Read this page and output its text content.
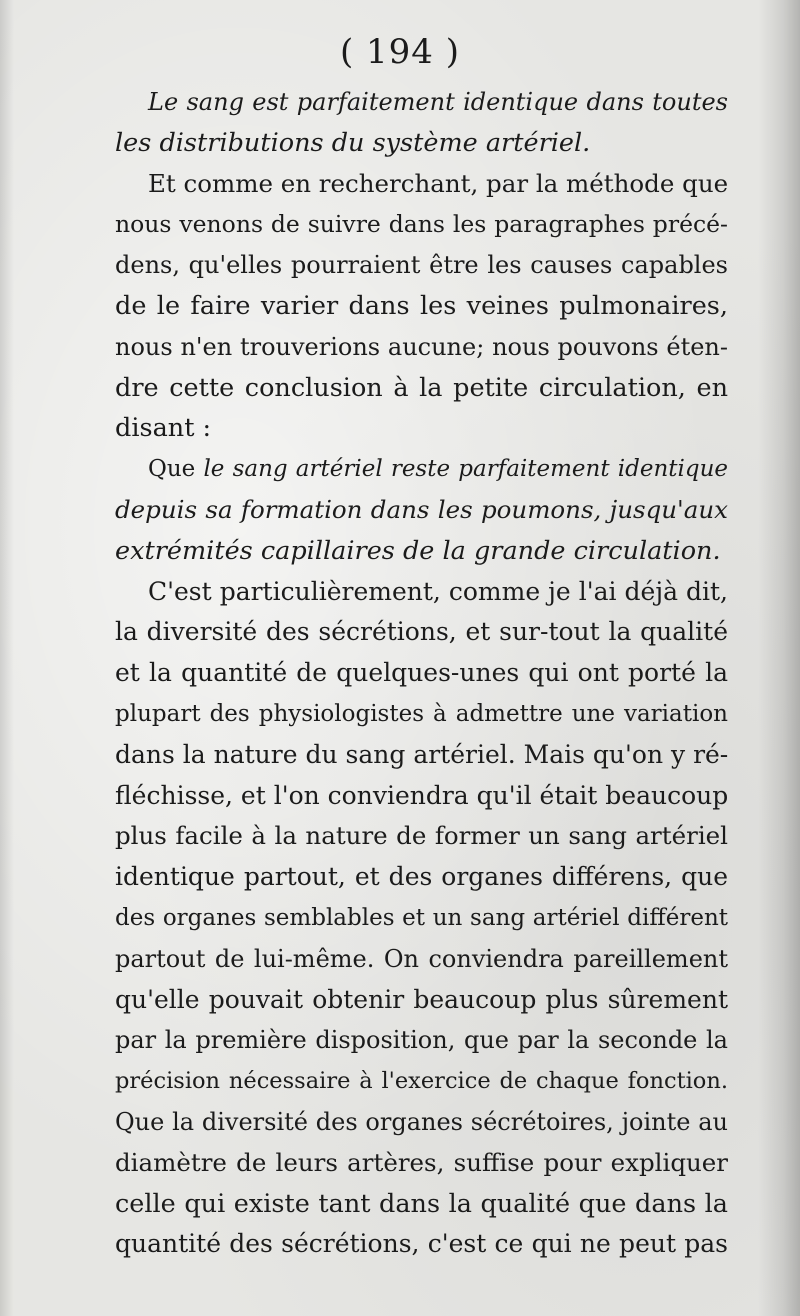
( 194 )
Le sang est parfaitement identique dans toutes
les distributions du système artériel.
Et comme en recherchant, par la méthode que
nous venons de suivre dans les paragraphes précé-
dens, qu'elles pourraient être les causes capables
de le faire varier dans les veines pulmonaires,
nous n'en trouverions aucune; nous pouvons éten-
dre cette conclusion à la petite circulation, en
disant :
Que le sang artériel reste parfaitement identique
depuis sa formation dans les poumons, jusqu'aux
extrémités capillaires de la grande circulation.
C'est particulièrement, comme je l'ai déjà dit,
la diversité des sécrétions, et sur-tout la qualité
et la quantité de quelques-unes qui ont porté la
plupart des physiologistes à admettre une variation
dans la nature du sang artériel. Mais qu'on y ré-
fléchisse, et l'on conviendra qu'il était beaucoup
plus facile à la nature de former un sang artériel
identique partout, et des organes différens, que
des organes semblables et un sang artériel différent
partout de lui-même. On conviendra pareillement
qu'elle pouvait obtenir beaucoup plus sûrement
par la première disposition, que par la seconde la
précision nécessaire à l'exercice de chaque fonction.
Que la diversité des organes sécrétoires, jointe au
diamètre de leurs artères, suffise pour expliquer
celle qui existe tant dans la qualité que dans la
quantité des sécrétions, c'est ce qui ne peut pas
